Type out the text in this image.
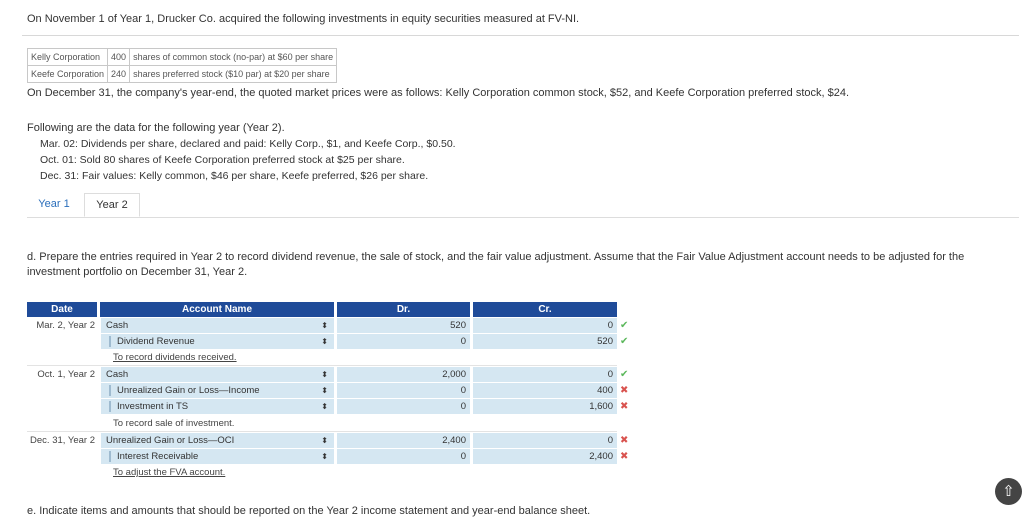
On November 1 of Year 1, Drucker Co. acquired the following investments in equity securities measured at FV-NI.
Kelly Corporation	400	shares of common stock (no-par) at $60 per share
Keefe Corporation	240	shares preferred stock ($10 par) at $20 per share
On December 31, the company's year-end, the quoted market prices were as follows: Kelly Corporation common stock, $52, and Keefe Corporation preferred stock, $24.
Following are the data for the following year (Year 2).
Mar. 02: Dividends per share, declared and paid: Kelly Corp., $1, and Keefe Corp., $0.50.
Oct. 01: Sold 80 shares of Keefe Corporation preferred stock at $25 per share.
Dec. 31: Fair values: Kelly common, $46 per share, Keefe preferred, $26 per share.
Year 1	Year 2
d. Prepare the entries required in Year 2 to record dividend revenue, the sale of stock, and the fair value adjustment. Assume that the Fair Value Adjustment account needs to be adjusted for the investment portfolio on December 31, Year 2.
Date	Account Name	Dr.	Cr.
Mar. 2, Year 2	Cash	⬍	520	0 ✔
Dividend Revenue	⬍	0	520 ✔
To record dividends received.
Oct. 1, Year 2	Cash	⬍	2,000	0 ✔
Unrealized Gain or Loss—Income	⬍	0	400 ✖
Investment in TS	⬍	0	1,600 ✖
To record sale of investment.
Dec. 31, Year 2	Unrealized Gain or Loss—OCI	⬍	2,400	0 ✖
Interest Receivable	⬍	0	2,400 ✖
To adjust the FVA account.
e. Indicate items and amounts that should be reported on the Year 2 income statement and year-end balance sheet.
⇧
